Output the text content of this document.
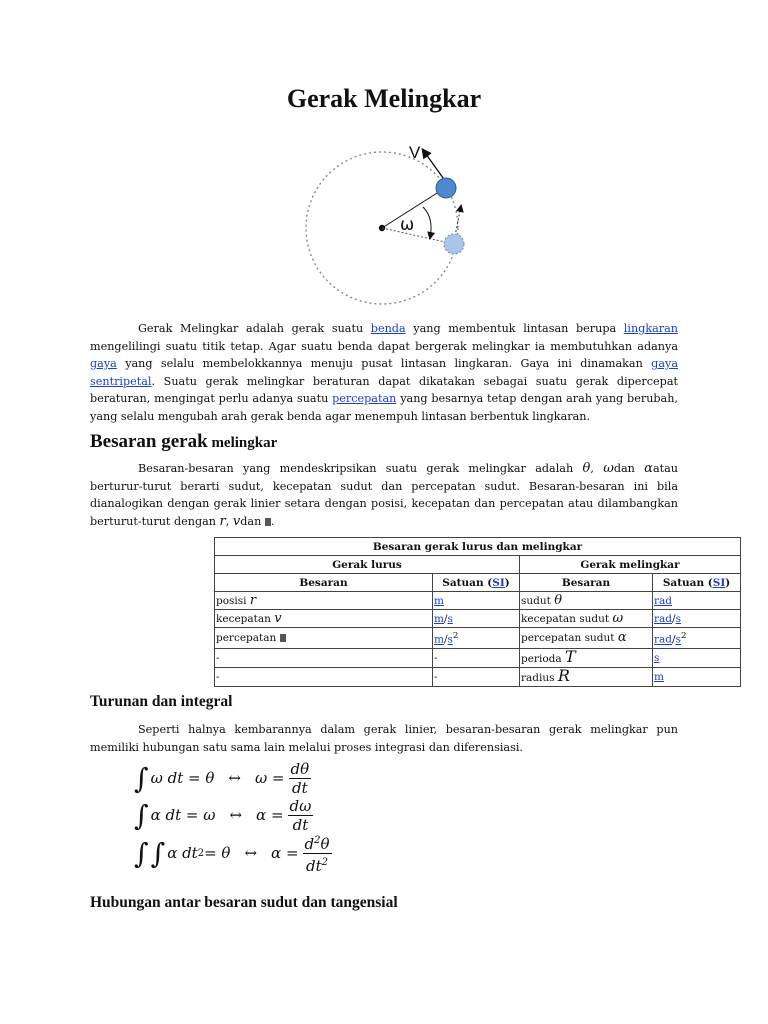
Gerak Melingkar
V
ω

Gerak Melingkar adalah gerak suatu benda yang membentuk lintasan berupa lingkaran mengelilingi suatu titik tetap. Agar suatu benda dapat bergerak melingkar ia membutuhkan adanya gaya yang selalu membelokkannya menuju pusat lintasan lingkaran. Gaya ini dinamakan gaya sentripetal. Suatu gerak melingkar beraturan dapat dikatakan sebagai suatu gerak dipercepat beraturan, mengingat perlu adanya suatu percepatan yang besarnya tetap dengan arah yang berubah, yang selalu mengubah arah gerak benda agar menempuh lintasan berbentuk lingkaran.

Besaran gerak melingkar

Besaran-besaran yang mendeskripsikan suatu gerak melingkar adalah θ, ωdan αatau berturur-turut berarti sudut, kecepatan sudut dan percepatan sudut. Besaran-besaran ini bila dianalogikan dengan gerak linier setara dengan posisi, kecepatan dan percepatan atau dilambangkan berturut-turut dengan r, vdan .

Besaran gerak lurus dan melingkar			
Gerak lurus		Gerak melingkar	
Besaran	Satuan (SI)	Besaran	Satuan (SI)
posisi r	m	sudut θ	rad
kecepatan v	m/s	kecepatan sudut ω	rad/s
percepatan	$m/s^2$	percepatan sudut α	rad/$s^2$
-	-	perioda T	s
-	-	radius R	m
Turunan dan integral

Seperti halnya kembarannya dalam gerak linier, besaran-besaran gerak melingkar pun memiliki hubungan satu sama lain melalui proses integrasi dan diferensiasi.

∫ ω dt = θ ↔ $\omega = \frac{d\theta}{dt}$
∫ α dt = ω ↔ $\alpha = \frac{d\omega}{dt}$
∫ ∫ α dt 2 = θ ↔ $\alpha = \frac{d^2\theta}{dt^2}$
Hubungan antar besaran sudut dan tangensial
